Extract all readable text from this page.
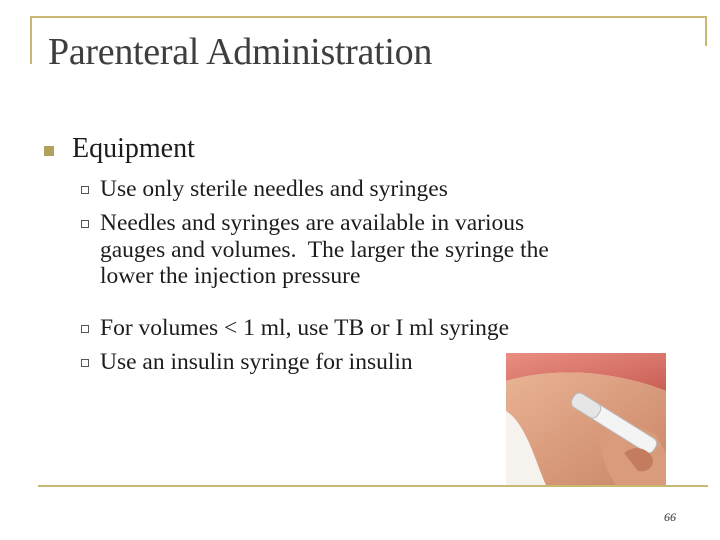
Parenteral Administration
Equipment
Use only sterile needles and syringes
Needles and syringes are available in various
gauges and volumes.  The larger the syringe the
lower the injection pressure
For volumes < 1 ml, use TB or I ml syringe
Use an insulin syringe for insulin
66
